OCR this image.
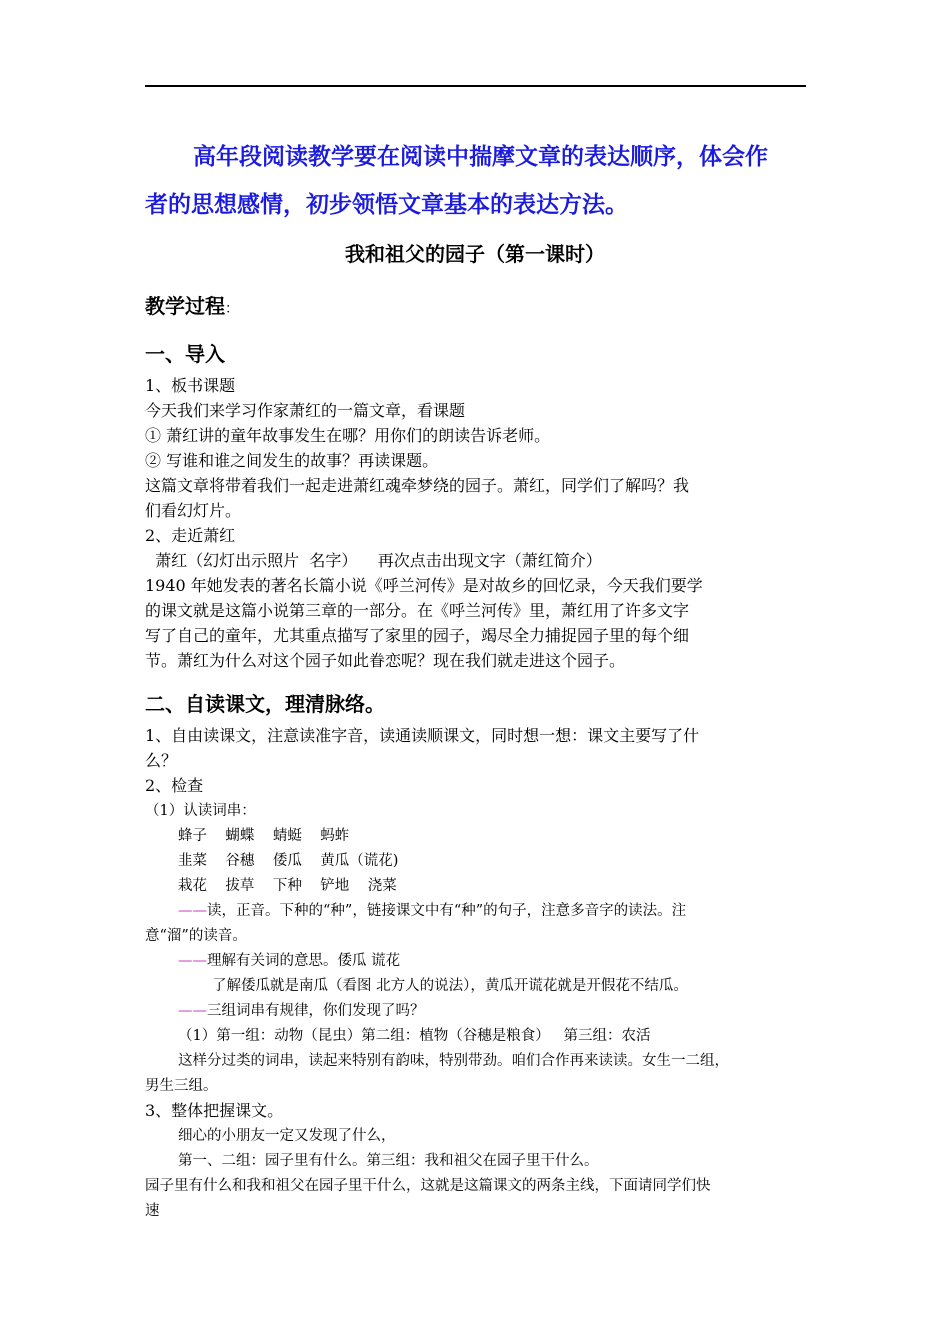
高年段阅读教学要在阅读中揣摩文章的表达顺序，体会作
者的思想感情，初步领悟文章基本的表达方法。
我和祖父的园子（第一课时）
教学过程：
一、导入
1、板书课题
今天我们来学习作家萧红的一篇文章，看课题
① 萧红讲的童年故事发生在哪？用你们的朗读告诉老师。
② 写谁和谁之间发生的故事？再读课题。
这篇文章将带着我们一起走进萧红魂牵梦绕的园子。萧红，同学们了解吗？我
们看幻灯片。
2、走近萧红
萧红（幻灯出示照片  名字）    再次点击出现文字（萧红简介）
1940 年她发表的著名长篇小说《呼兰河传》是对故乡的回忆录，今天我们要学
的课文就是这篇小说第三章的一部分。在《呼兰河传》里，萧红用了许多文字
写了自己的童年，尤其重点描写了家里的园子，竭尽全力捕捉园子里的每个细
节。萧红为什么对这个园子如此眷恋呢？现在我们就走进这个园子。
二、自读课文，理清脉络。
1、自由读课文，注意读准字音，读通读顺课文，同时想一想：课文主要写了什
么？
2、检查
（1）认读词串：
蜂子    蝴蝶    蜻蜓    蚂蚱
韭菜    谷穗    倭瓜    黄瓜（谎花)
栽花    拔草    下种    铲地    浇菜
——读，正音。下种的“种”，链接课文中有“种”的句子，注意多音字的读法。注
意“溜”的读音。
——理解有关词的意思。倭瓜 谎花
了解倭瓜就是南瓜（看图 北方人的说法），黄瓜开谎花就是开假花不结瓜。
——三组词串有规律，你们发现了吗？
（1）第一组：动物（昆虫）第二组：植物（谷穗是粮食）   第三组：农活
这样分过类的词串，读起来特别有韵味，特别带劲。咱们合作再来读读。女生一二组，
男生三组。
3、整体把握课文。
细心的小朋友一定又发现了什么，
第一、二组：园子里有什么。第三组：我和祖父在园子里干什么。
园子里有什么和我和祖父在园子里干什么，这就是这篇课文的两条主线，下面请同学们快
速
